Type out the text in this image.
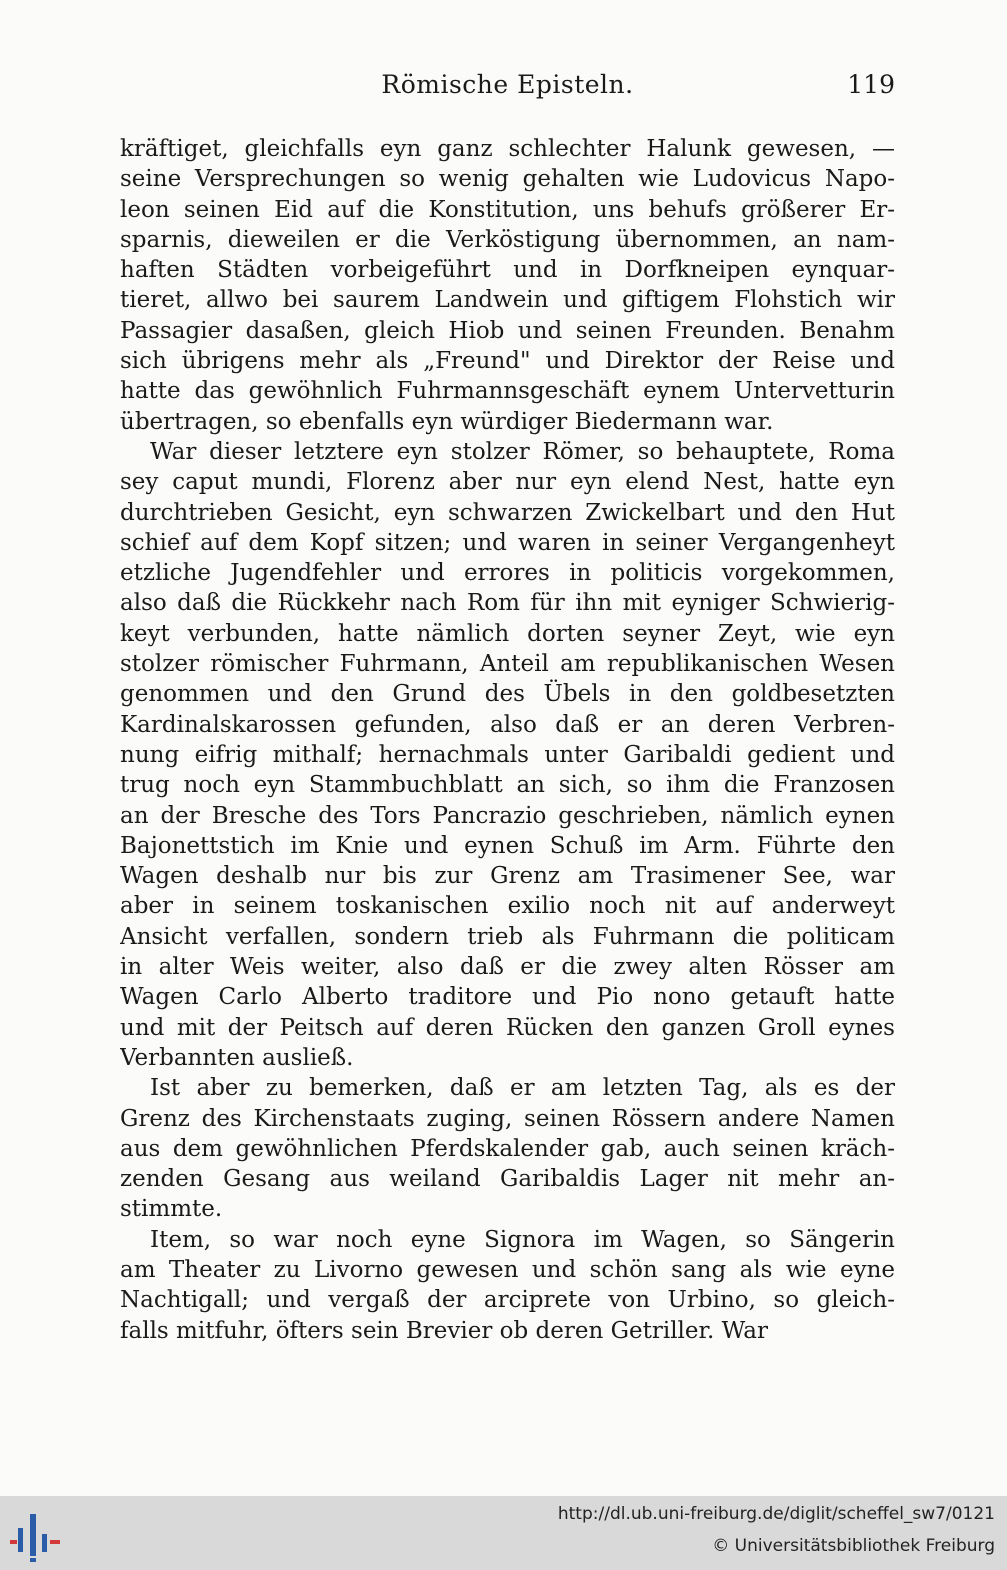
Römische Episteln.	119
kräftiget, gleichfalls eyn ganz schlechter Halunk gewesen, —
seine Versprechungen so wenig gehalten wie Ludovicus Napo-
leon seinen Eid auf die Konstitution, uns behufs größerer Er-
sparnis, dieweilen er die Verköstigung übernommen, an nam-
haften Städten vorbeigeführt und in Dorfkneipen eynquar-
tieret, allwo bei saurem Landwein und giftigem Flohstich wir
Passagier dasaßen, gleich Hiob und seinen Freunden. Benahm
sich übrigens mehr als „Freund" und Direktor der Reise und
hatte das gewöhnlich Fuhrmannsgeschäft eynem Untervetturin
übertragen, so ebenfalls eyn würdiger Biedermann war.
War dieser letztere eyn stolzer Römer, so behauptete, Roma
sey caput mundi, Florenz aber nur eyn elend Nest, hatte eyn
durchtrieben Gesicht, eyn schwarzen Zwickelbart und den Hut
schief auf dem Kopf sitzen; und waren in seiner Vergangenheyt
etzliche Jugendfehler und errores in politicis vorgekommen,
also daß die Rückkehr nach Rom für ihn mit eyniger Schwierig-
keyt verbunden, hatte nämlich dorten seyner Zeyt, wie eyn
stolzer römischer Fuhrmann, Anteil am republikanischen Wesen
genommen und den Grund des Übels in den goldbesetzten
Kardinalskarossen gefunden, also daß er an deren Verbren-
nung eifrig mithalf; hernachmals unter Garibaldi gedient und
trug noch eyn Stammbuchblatt an sich, so ihm die Franzosen
an der Bresche des Tors Pancrazio geschrieben, nämlich eynen
Bajonettstich im Knie und eynen Schuß im Arm. Führte den
Wagen deshalb nur bis zur Grenz am Trasimener See, war
aber in seinem toskanischen exilio noch nit auf anderweyt
Ansicht verfallen, sondern trieb als Fuhrmann die politicam
in alter Weis weiter, also daß er die zwey alten Rösser am
Wagen Carlo Alberto traditore und Pio nono getauft hatte
und mit der Peitsch auf deren Rücken den ganzen Groll eynes
Verbannten ausließ.
Ist aber zu bemerken, daß er am letzten Tag, als es der
Grenz des Kirchenstaats zuging, seinen Rössern andere Namen
aus dem gewöhnlichen Pferdskalender gab, auch seinen kräch-
zenden Gesang aus weiland Garibaldis Lager nit mehr an-
stimmte.
Item, so war noch eyne Signora im Wagen, so Sängerin
am Theater zu Livorno gewesen und schön sang als wie eyne
Nachtigall; und vergaß der arciprete von Urbino, so gleich-
falls mitfuhr, öfters sein Brevier ob deren Getriller. War
http://dl.ub.uni-freiburg.de/diglit/scheffel_sw7/0121
© Universitätsbibliothek Freiburg
